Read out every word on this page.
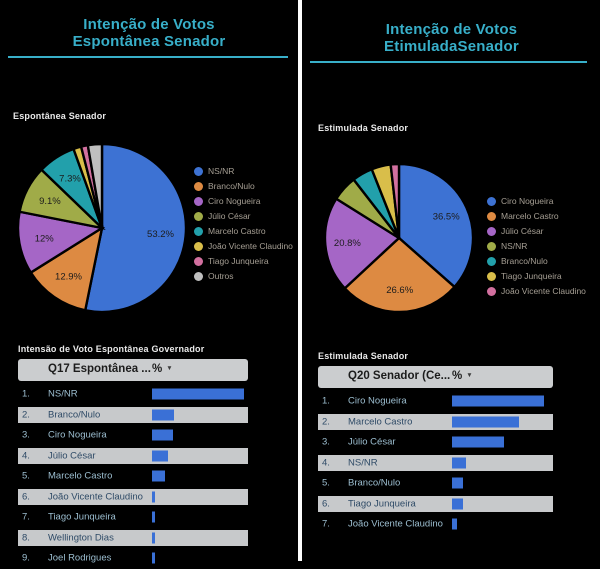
Intenção de Votos
Espontânea Senador
Espontânea Senador
53.2%
12.9%
12%
9.1%
7.3%
NS/NR
Branco/Nulo
Ciro Nogueira
Júlio César
Marcelo Castro
João Vicente Claudino
Tiago Junqueira
Outros
Intensão de Voto Espontânea Governador
Q17 Espontânea ... % ▼
1. NS/NR
2. Branco/Nulo
3. Ciro Nogueira
4. Júlio César
5. Marcelo Castro
6. João Vicente Claudino
7. Tiago Junqueira
8. Wellington Dias
9. Joel Rodrigues
Intenção de Votos
EtimuladaSenador
Estimulada Senador
36.5%
26.6%
20.8%
Ciro Nogueira
Marcelo Castro
Júlio César
NS/NR
Branco/Nulo
Tiago Junqueira
João Vicente Claudino
Estimulada Senador
Q20 Senador (Ce... % ▼
1. Ciro Nogueira
2. Marcelo Castro
3. Júlio César
4. NS/NR
5. Branco/Nulo
6. Tiago Junqueira
7. João Vicente Claudino
